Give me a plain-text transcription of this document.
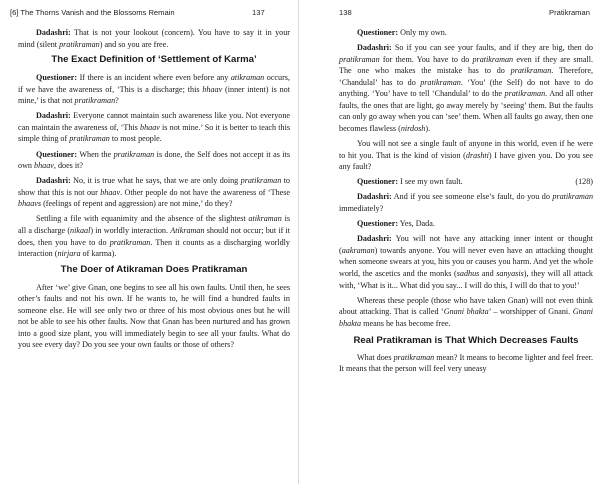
[6] The Thorns Vanish and the Blossoms Remain	137

Dadashri: That is not your lookout (concern). You have to say it in your mind (silent pratikraman) and so you are free.

The Exact Definition of ‘Settlement of Karma’

Questioner: If there is an incident where even before any atikraman occurs, if we have the awareness of, ‘This is a discharge; this bhaav (inner intent) is not mine,’ is that not pratikraman?

Dadashri: Everyone cannot maintain such awareness like you. Not everyone can maintain the awareness of, ‘This bhaav is not mine.’ So it is better to teach this simple thing of pratikraman to most people.

Questioner: When the pratikraman is done, the Self does not accept it as its own bhaav, does it?

Dadashri: No, it is true what he says, that we are only doing pratikraman to show that this is not our bhaav. Other people do not have the awareness of ‘These bhaavs (feelings of repent and aggression) are not mine,’ do they?

Settling a file with equanimity and the absence of the slightest atikraman is all a discharge (nikaal) in worldly interaction. Atikraman should not occur; but if it does, then you have to do pratikraman. Then it counts as a discharging worldly interaction (nirjara of karma).

The Doer of Atikraman Does Pratikraman

After ‘we’ give Gnan, one begins to see all his own faults. Until then, he sees other’s faults and not his own. If he wants to, he will find a hundred faults in someone else. He will see only two or three of his most obvious ones but he will not be able to see his other faults. Now that Gnan has been nurtured and has grown into a good size plant, you will immediately begin to see all your faults. What do you see every day? Do you see your own faults or those of others?

138	Pratikraman

Questioner: Only my own.

Dadashri: So if you can see your faults, and if they are big, then do pratikraman for them. You have to do pratikraman even if they are small. The one who makes the mistake has to do pratikraman. Therefore, ‘Chandulal’ has to do pratikraman. ‘You’ (the Self) do not have to do anything. ‘You’ have to tell ‘Chandulal’ to do the pratikraman. And all other faults, the ones that are light, go away merely by ‘seeing’ them. But the faults can only go away when you can ‘see’ them. When all faults go away, then one becomes flawless (nirdosh).

You will not see a single fault of anyone in this world, even if he were to hit you. That is the kind of vision (drashti) I have given you. Do you see any fault?

(128)
Questioner: I see my own fault.

Dadashri: And if you see someone else’s fault, do you do pratikraman immediately?

Questioner: Yes, Dada.

Dadashri: You will not have any attacking inner intent or thought (aakraman) towards anyone. You will never even have an attacking thought when someone swears at you, hits you or causes you harm. And yet the whole world, the ascetics and the monks (sadhus and sanyasis), they will all attack with, ‘What is it... What did you say... I will do this, I will do that to you!’

Whereas these people (those who have taken Gnan) will not even think about attacking. That is called ‘Gnani bhakta’ – worshipper of Gnani. Gnani bhakta means he has become free.

Real Pratikraman is That Which Decreases Faults

What does pratikraman mean? It means to become lighter and feel freer. It means that the person will feel very uneasy
